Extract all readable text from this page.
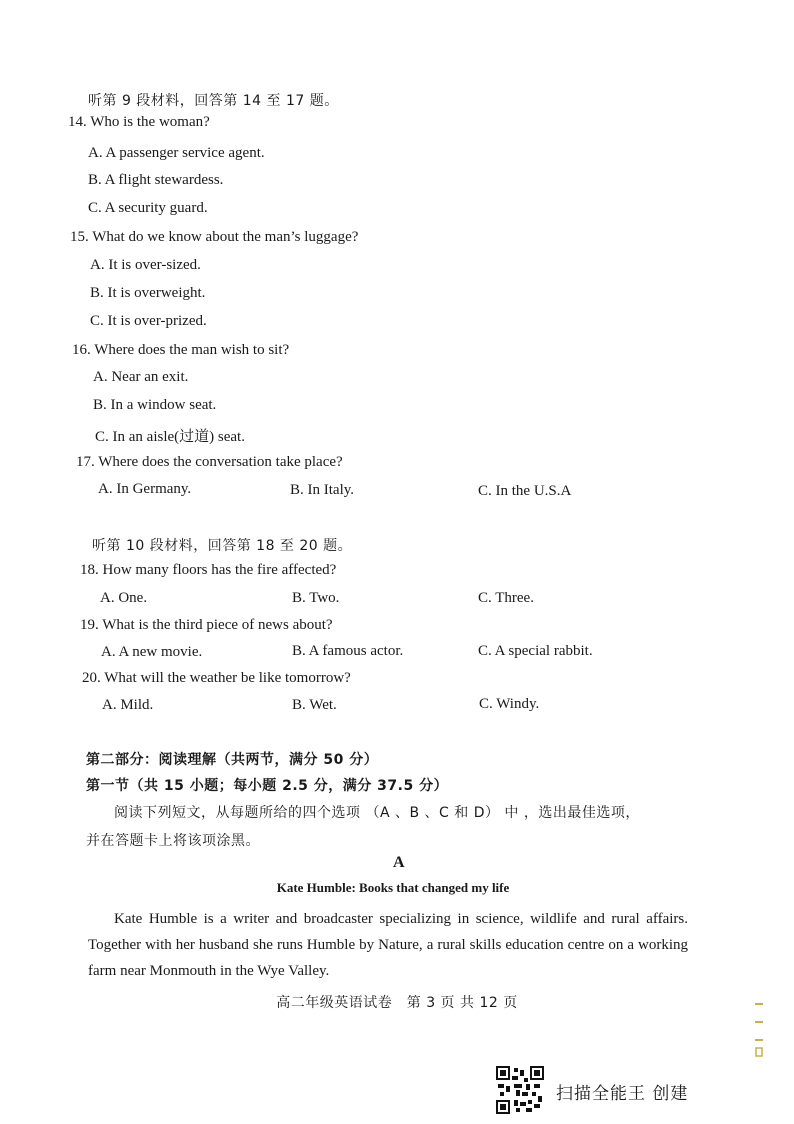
听第 9 段材料，回答第 14 至 17 题。
14. Who is the woman?
A. A passenger service agent.
B. A flight stewardess.
C. A security guard.
15. What do we know about the man’s luggage?
A. It is over-sized.
B. It is overweight.
C. It is over-prized.
16. Where does the man wish to sit?
A. Near an exit.
B. In a window seat.
C. In an aisle(过道) seat.
17. Where does the conversation take place?
A. In Germany.	B. In Italy.	C. In the U.S.A
听第 10 段材料，回答第 18 至 20 题。
18. How many floors has the fire affected?
A. One.	B. Two.	C. Three.
19. What is the third piece of news about?
A. A new movie.	B. A famous actor.	C. A special rabbit.
20. What will the weather be like tomorrow?
A. Mild.	B. Wet.	C. Windy.
第二部分：阅读理解（共两节，满分 50 分）
第一节（共 15 小题；每小题 2.5 分，满分 37.5 分）
阅读下列短文，从每题所给的四个选项 （A 、B 、C 和 D） 中 ，选出最佳选项，
并在答题卡上将该项涂黑。
A
Kate Humble: Books that changed my life
Kate Humble is a writer and broadcaster specializing in science, wildlife and rural affairs. Together with her husband she runs Humble by Nature, a rural skills education centre on a working farm near Monmouth in the Wye Valley.
高二年级英语试卷　第 3 页 共 12 页
扫描全能王 创建
